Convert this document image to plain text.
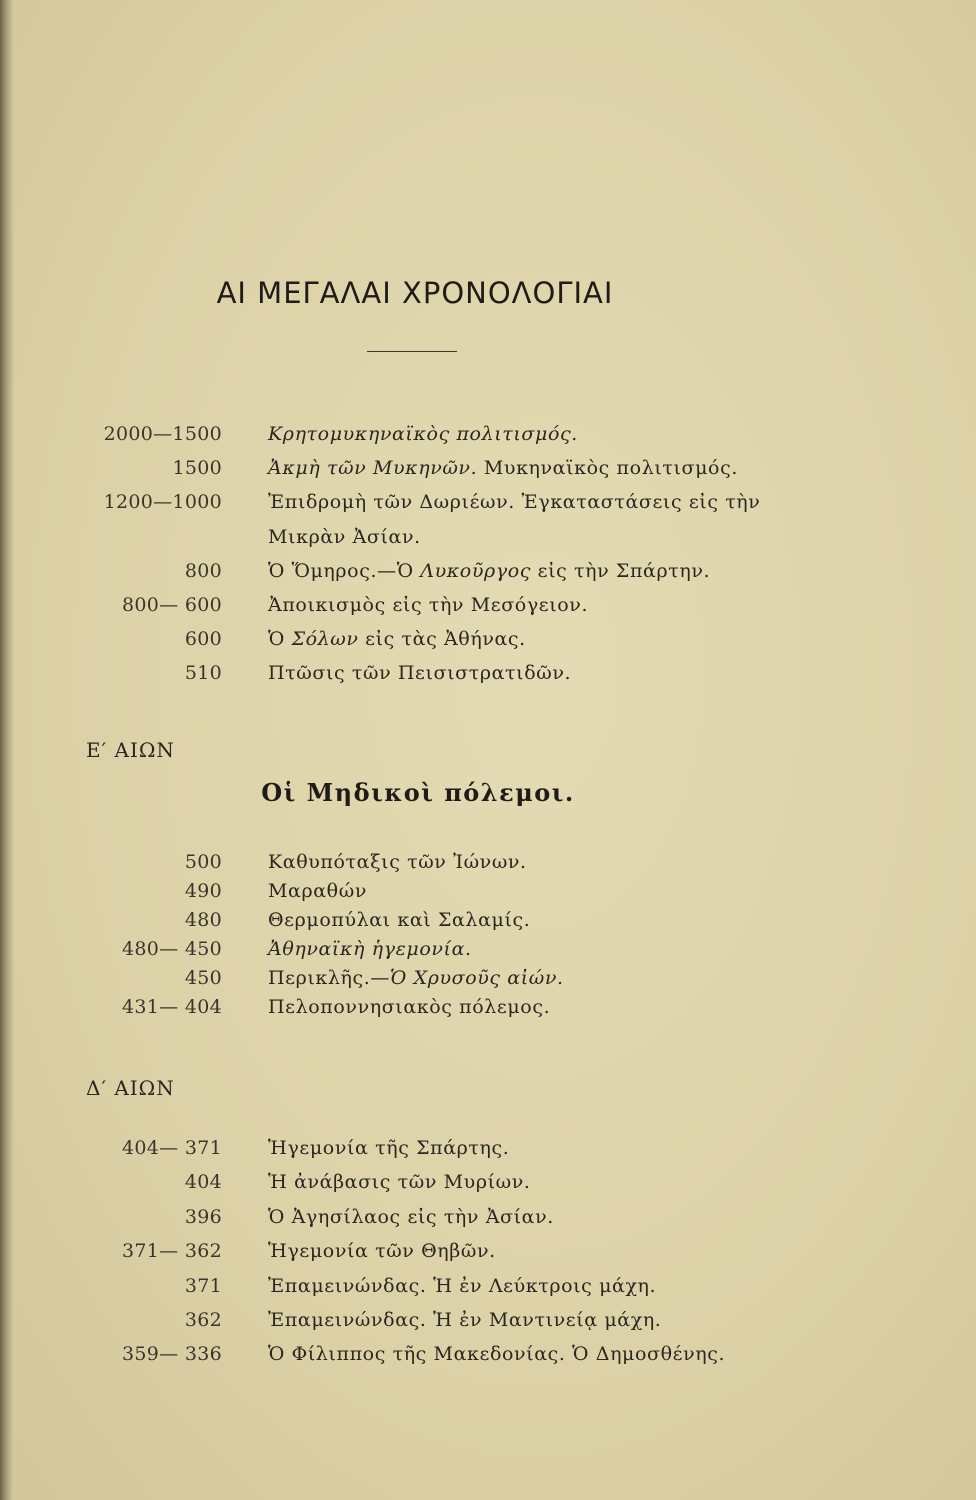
ΑΙ ΜΕΓΑΛΑΙ ΧΡΟΝΟΛΟΓΙΑΙ
2000—1500 Κρητομυκηναϊκὸς πολιτισμός.
1500 Ἀκμὴ τῶν Μυκηνῶν. Μυκηναϊκὸς πολιτισμός.
1200—1000 Ἐπιδρομὴ τῶν Δωριέων. Ἐγκαταστάσεις εἰς τὴν
Μικρὰν Ἀσίαν.
800 Ὁ Ὅμηρος.—Ὁ Λυκοῦργος εἰς τὴν Σπάρτην.
800— 600 Ἀποικισμὸς εἰς τὴν Μεσόγειον.
600 Ὁ Σόλων εἰς τὰς Ἀθήνας.
510 Πτῶσις τῶν Πεισιστρατιδῶν.
Ε′ ΑΙΩΝ
Οἱ Μηδικοὶ πόλεμοι.
500 Καθυπόταξις τῶν Ἰώνων.
490 Μαραθών
480 Θερμοπύλαι καὶ Σαλαμίς.
480— 450 Ἀθηναϊκὴ ἡγεμονία.
450 Περικλῆς.—Ὁ Χρυσοῦς αἰών.
431— 404 Πελοποννησιακὸς πόλεμος.
Δ′ ΑΙΩΝ
404— 371 Ἡγεμονία τῆς Σπάρτης.
404 Ἡ ἀνάβασις τῶν Μυρίων.
396 Ὁ Ἀγησίλαος εἰς τὴν Ἀσίαν.
371— 362 Ἡγεμονία τῶν Θηβῶν.
371 Ἐπαμεινώνδας. Ἡ ἐν Λεύκτροις μάχη.
362 Ἐπαμεινώνδας. Ἡ ἐν Μαντινείᾳ μάχη.
359— 336 Ὁ Φίλιππος τῆς Μακεδονίας. Ὁ Δημοσθένης.
